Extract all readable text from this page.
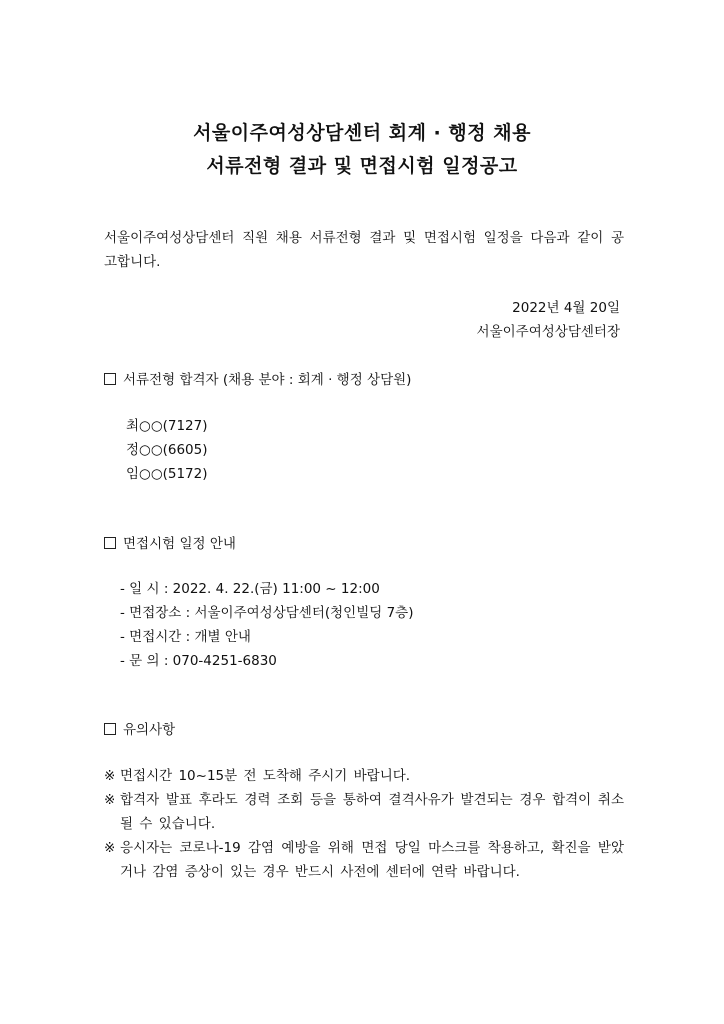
서울이주여성상담센터 회계 · 행정 채용
서류전형 결과 및 면접시험 일정공고
서울이주여성상담센터 직원 채용 서류전형 결과 및 면접시험 일정을 다음과 같이 공고합니다.
2022년 4월 20일
서울이주여성상담센터장
서류전형 합격자 (채용 분야 : 회계 · 행정 상담원)
최○○(7127)
정○○(6605)
임○○(5172)
면접시험 일정 안내
- 일 시 : 2022. 4. 22.(금) 11:00 ~ 12:00
- 면접장소 : 서울이주여성상담센터(청인빌딩 7층)
- 면접시간 : 개별 안내
- 문 의 : 070-4251-6830
유의사항
※ 면접시간 10~15분 전 도착해 주시기 바랍니다.
※ 합격자 발표 후라도 경력 조회 등을 통하여 결격사유가 발견되는 경우 합격이 취소될 수 있습니다.
※ 응시자는 코로나-19 감염 예방을 위해 면접 당일 마스크를 착용하고, 확진을 받았거나 감염 증상이 있는 경우 반드시 사전에 센터에 연락 바랍니다.
